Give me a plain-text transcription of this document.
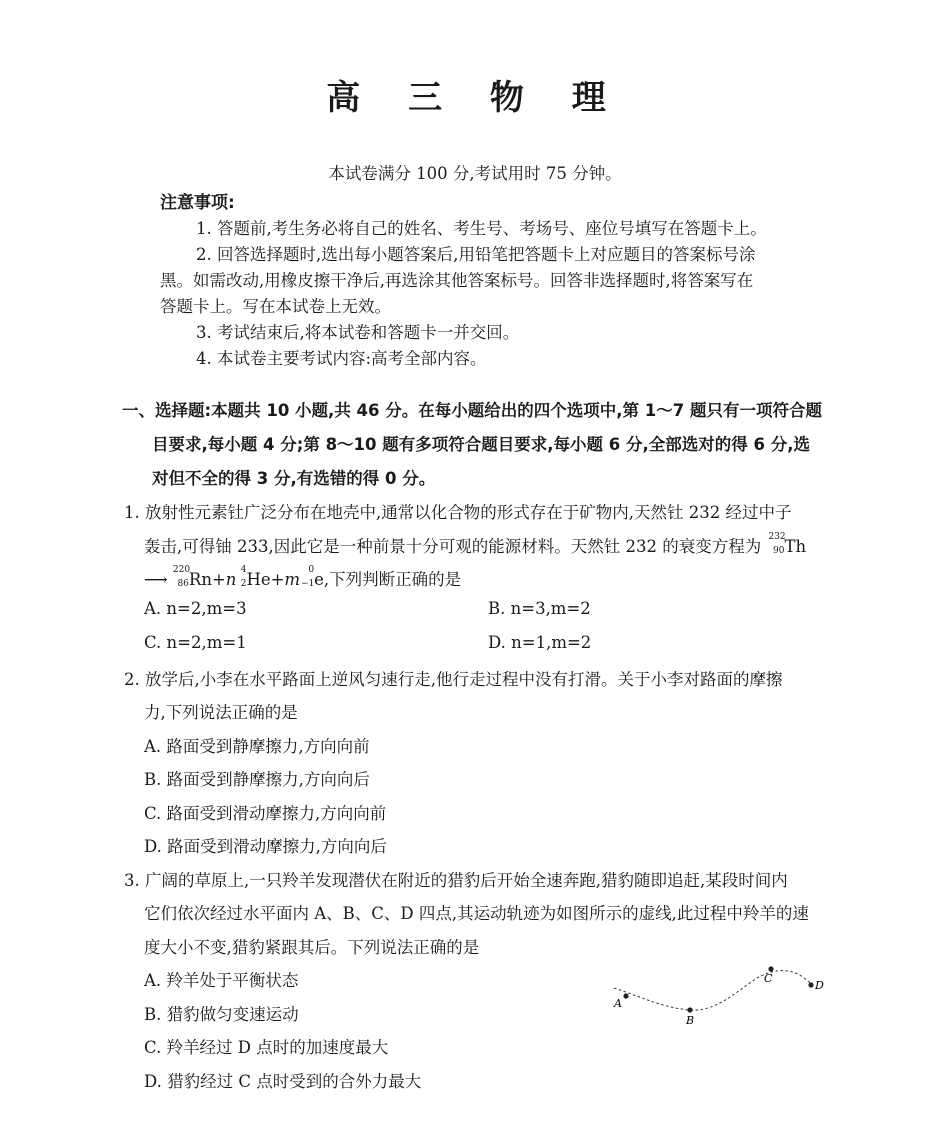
高 三 物 理
本试卷满分 100 分,考试用时 75 分钟。
注意事项:
1. 答题前,考生务必将自己的姓名、考生号、考场号、座位号填写在答题卡上。
2. 回答选择题时,选出每小题答案后,用铅笔把答题卡上对应题目的答案标号涂
黑。如需改动,用橡皮擦干净后,再选涂其他答案标号。回答非选择题时,将答案写在
答题卡上。写在本试卷上无效。
3. 考试结束后,将本试卷和答题卡一并交回。
4. 本试卷主要考试内容:高考全部内容。
一、选择题:本题共 10 小题,共 46 分。在每小题给出的四个选项中,第 1～7 题只有一项符合题
目要求,每小题 4 分;第 8～10 题有多项符合题目要求,每小题 6 分,全部选对的得 6 分,选
对但不全的得 3 分,有选错的得 0 分。
1. 放射性元素钍广泛分布在地壳中,通常以化合物的形式存在于矿物内,天然钍 232 经过中子
轰击,可得铀 233,因此它是一种前景十分可观的能源材料。天然钍 232 的衰变方程为 232
90 Th
⟶ 220
86 Rn+n 4
2 He+m 0
−1 e,下列判断正确的是
A. n=2,m=3	B. n=3,m=2
C. n=2,m=1	D. n=1,m=2
2. 放学后,小李在水平路面上逆风匀速行走,他行走过程中没有打滑。关于小李对路面的摩擦
力,下列说法正确的是
A. 路面受到静摩擦力,方向向前
B. 路面受到静摩擦力,方向向后
C. 路面受到滑动摩擦力,方向向前
D. 路面受到滑动摩擦力,方向向后
3. 广阔的草原上,一只羚羊发现潜伏在附近的猎豹后开始全速奔跑,猎豹随即追赶,某段时间内
它们依次经过水平面内 A、B、C、D 四点,其运动轨迹为如图所示的虚线,此过程中羚羊的速
度大小不变,猎豹紧跟其后。下列说法正确的是
A. 羚羊处于平衡状态
B. 猎豹做匀变速运动
C. 羚羊经过 D 点时的加速度最大
D. 猎豹经过 C 点时受到的合外力最大
A
B
C
D
